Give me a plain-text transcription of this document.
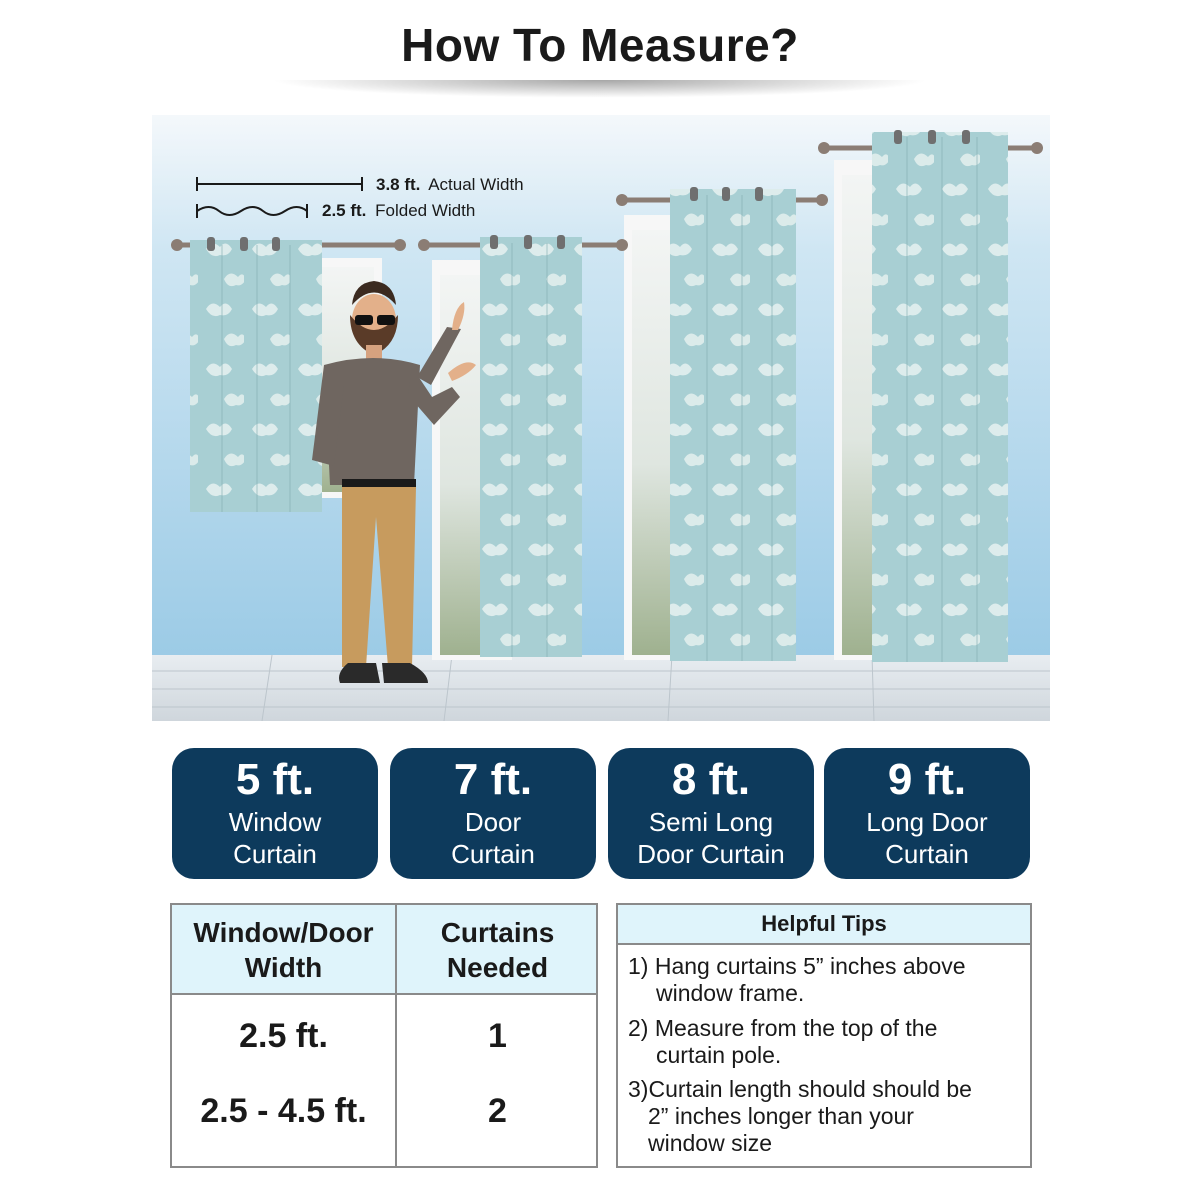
How To Measure?
3.8 ft. Actual Width
2.5 ft. Folded Width
5 ft.
Window
Curtain
7 ft.
Door
Curtain
8 ft.
Semi Long
Door Curtain
9 ft.
Long Door
Curtain
Window/Door
Width
Curtains
Needed
2.5 ft.	1
2.5 - 4.5 ft.	2
Helpful Tips
1) Hang curtains 5” inches above
window frame.
2) Measure from the top of the
curtain pole.
3)Curtain length should should be
2” inches longer than your
window size
